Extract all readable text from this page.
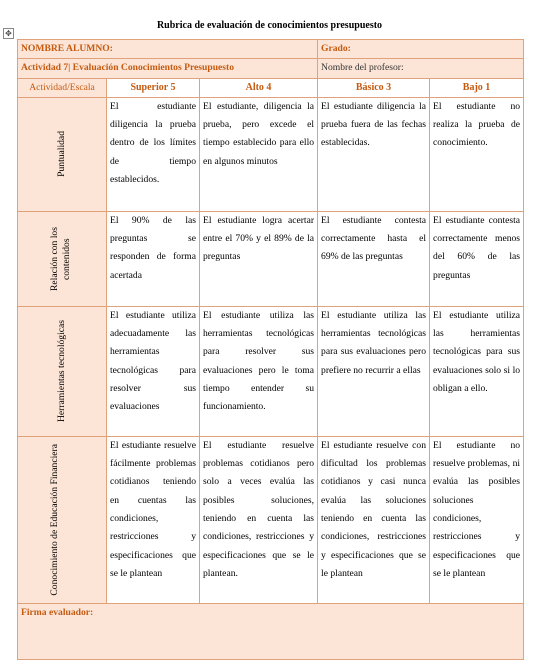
Rubrica de evaluación de conocimientos presupuesto
✥
NOMBRE ALUMNO:			Grado:	
Actividad 7| Evaluación Conocimientos Presupuesto			Nombre del profesor:	
Actividad/Escala	Superior 5	Alto 4	Básico 3	Bajo 1

Puntualidad	El estudiante diligencia la prueba dentro de los límites de tiempo establecidos.	El estudiante, diligencia la prueba, pero excede el tiempo establecido para ello en algunos minutos	El estudiante diligencia la prueba fuera de las fechas establecidas.	El estudiante no realiza la prueba de conocimiento.

Relación con los contenidos	El 90% de las preguntas se responden de forma acertada	El estudiante logra acertar entre el 70% y el 89% de la preguntas	El estudiante contesta correctamente hasta el 69% de las preguntas	El estudiante contesta correctamente menos del 60% de las preguntas

Herramientas tecnológicas	El estudiante utiliza adecuadamente las herramientas tecnológicas para resolver sus evaluaciones	El estudiante utiliza las herramientas tecnológicas para resolver sus evaluaciones pero le toma tiempo entender su funcionamiento.	El estudiante utiliza las herramientas tecnológicas para sus evaluaciones pero prefiere no recurrir a ellas	El estudiante utiliza las herramientas tecnológicas para sus evaluaciones solo si lo obligan a ello.

Conocimiento de Educación Financiera	El estudiante resuelve fácilmente problemas cotidianos teniendo en cuentas las condiciones, restricciones y especificaciones que se le plantean	El estudiante resuelve problemas cotidianos pero solo a veces evalúa las posibles soluciones, teniendo en cuenta las condiciones, restricciones y especificaciones que se le plantean.	El estudiante resuelve con dificultad los problemas cotidianos y casi nunca evalúa las soluciones teniendo en cuenta las condiciones, restricciones y especificaciones que se le plantean	El estudiante no resuelve problemas, ni evalúa las posibles soluciones condiciones, restricciones y especificaciones que se le plantean
Firma evaluador:				
